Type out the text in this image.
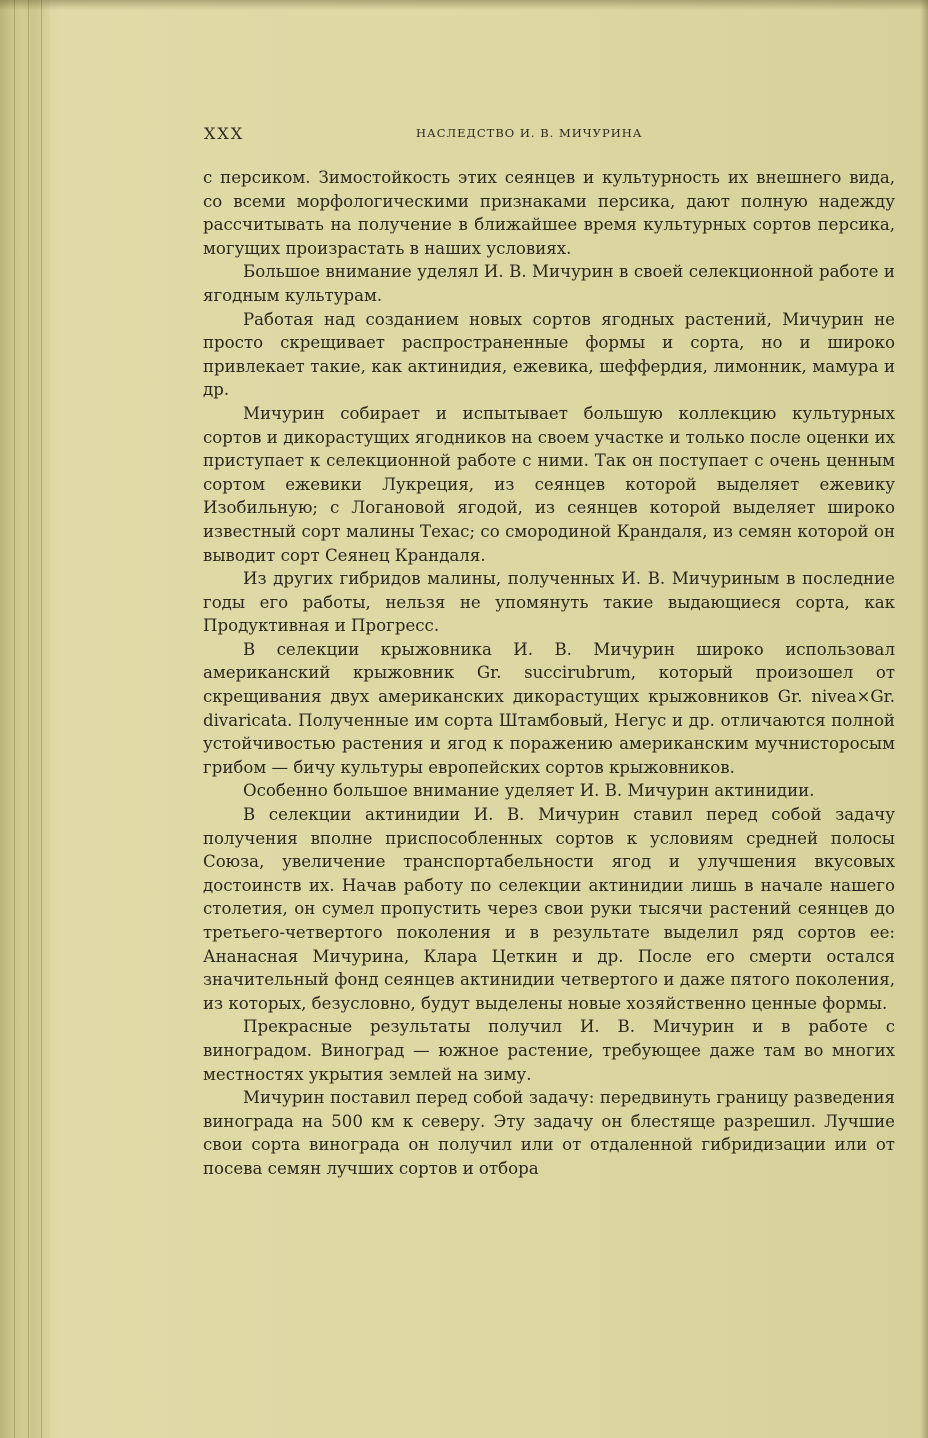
XXX	НАСЛЕДСТВО И. В. МИЧУРИНА

с персиком. Зимостойкость этих сеянцев и культурность их внешнего вида, со всеми морфологическими признаками персика, дают полную надежду рассчитывать на получение в ближайшее время культурных сортов персика, могущих произрастать в наших условиях.

Большое внимание уделял И. В. Мичурин в своей селекционной работе и ягодным культурам.

Работая над созданием новых сортов ягодных растений, Мичурин не просто скрещивает распространенные формы и сорта, но и широко привлекает такие, как актинидия, ежевика, шеффердия, лимонник, мамура и др.

Мичурин собирает и испытывает большую коллекцию культурных сортов и дикорастущих ягодников на своем участке и только после оценки их приступает к селекционной работе с ними. Так он поступает с очень ценным сортом ежевики Лукреция, из сеянцев которой выделяет ежевику Изобильную; с Логановой ягодой, из сеянцев которой выделяет широко известный сорт малины Техас; со смородиной Крандаля, из семян которой он выводит сорт Сеянец Крандаля.

Из других гибридов малины, полученных И. В. Мичуриным в последние годы его работы, нельзя не упомянуть такие выдающиеся сорта, как Продуктивная и Прогресс.

В селекции крыжовника И. В. Мичурин широко использовал американский крыжовник Gr. succirubrum, который произошел от скрещивания двух американских дикорастущих крыжовников Gr. nivea×Gr. divaricata. Полученные им сорта Штамбовый, Негус и др. отличаются полной устойчивостью растения и ягод к поражению американским мучнисторосым грибом — бичу культуры европейских сортов крыжовников.

Особенно большое внимание уделяет И. В. Мичурин актинидии.

В селекции актинидии И. В. Мичурин ставил перед собой задачу получения вполне приспособленных сортов к условиям средней полосы Союза, увеличение транспортабельности ягод и улучшения вкусовых достоинств их. Начав работу по селекции актинидии лишь в начале нашего столетия, он сумел пропустить через свои руки тысячи растений сеянцев до третьего-четвертого поколения и в результате выделил ряд сортов ее: Ананасная Мичурина, Клара Цеткин и др. После его смерти остался значительный фонд сеянцев актинидии четвертого и даже пятого поколения, из которых, безусловно, будут выделены новые хозяйственно ценные формы.

Прекрасные результаты получил И. В. Мичурин и в работе с виноградом. Виноград — южное растение, требующее даже там во многих местностях укрытия землей на зиму.

Мичурин поставил перед собой задачу: передвинуть границу разведения винограда на 500 км к северу. Эту задачу он блестяще разрешил. Лучшие свои сорта винограда он получил или от отдаленной гибридизации или от посева семян лучших сортов и отбора
